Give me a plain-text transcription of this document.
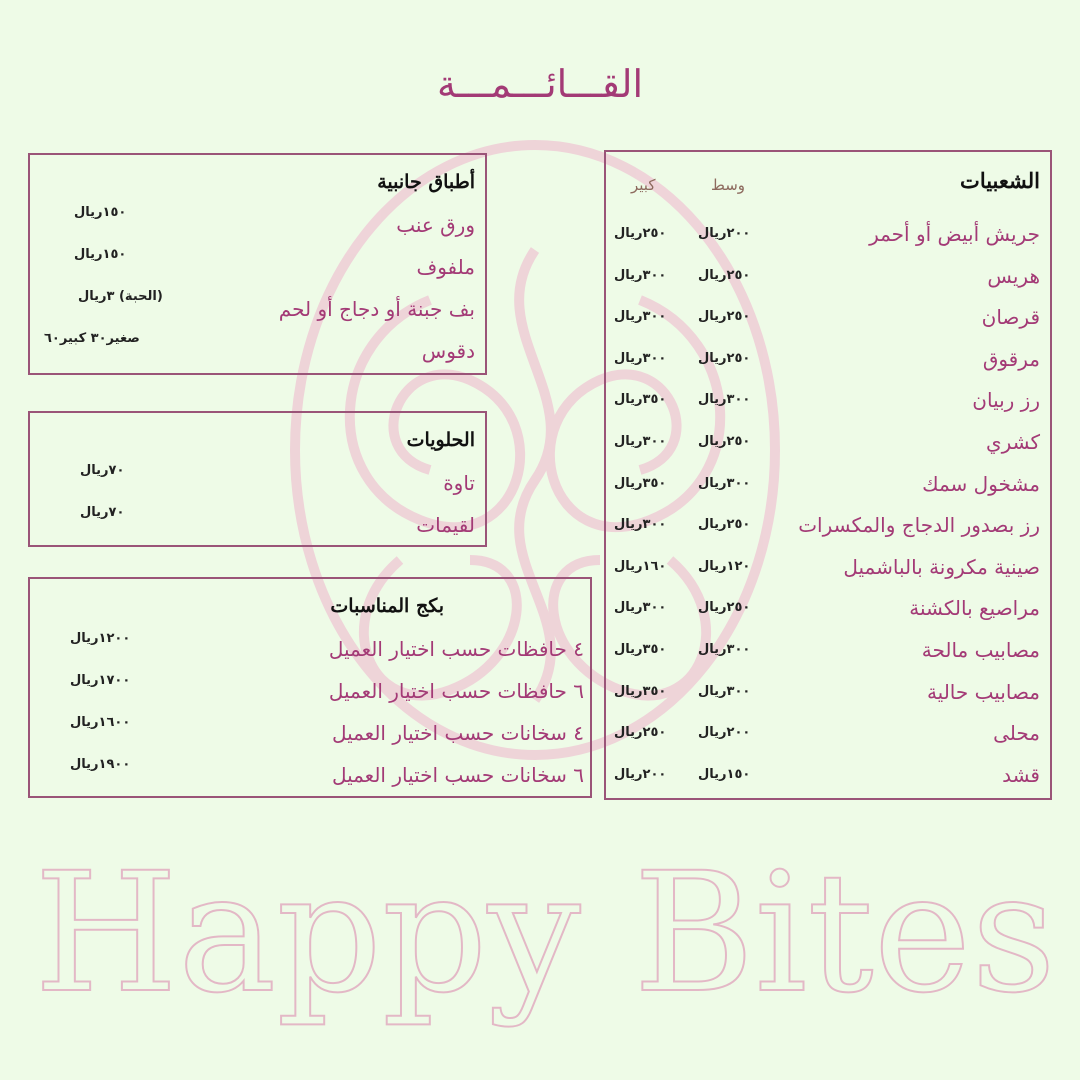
Happy Bites
القـــائـــمـــة
الشعبيات
وسط
كبير
جريش أبيض أو أحمر
٢٠٠ريال
٢٥٠ريال
هريس
٢٥٠ريال
٣٠٠ريال
قرصان
٢٥٠ريال
٣٠٠ريال
مرقوق
٢٥٠ريال
٣٠٠ريال
رز ربيان
٣٠٠ريال
٣٥٠ريال
كشري
٢٥٠ريال
٣٠٠ريال
مشخول سمك
٣٠٠ريال
٣٥٠ريال
رز بصدور الدجاج والمكسرات
٢٥٠ريال
٣٠٠ريال
صينية مكرونة بالباشميل
١٢٠ريال
١٦٠ريال
مراصيع بالكشنة
٢٥٠ريال
٣٠٠ريال
مصابيب مالحة
٣٠٠ريال
٣٥٠ريال
مصابيب حالية
٣٠٠ريال
٣٥٠ريال
محلى
٢٠٠ريال
٢٥٠ريال
قشد
١٥٠ريال
٢٠٠ريال
أطباق جانبية
ورق عنب
١٥٠ريال
ملفوف
١٥٠ريال
بف جبنة أو دجاج أو لحم
(الحبة) ٣ريال
دقوس
صغير٣٠ كبير٦٠
الحلويات
تاوة
٧٠ريال
لقيمات
٧٠ريال
بكج المناسبات
٤ حافظات حسب اختيار العميل
١٢٠٠ريال
٦ حافظات حسب اختيار العميل
١٧٠٠ريال
٤ سخانات حسب اختيار العميل
١٦٠٠ريال
٦ سخانات حسب اختيار العميل
١٩٠٠ريال
